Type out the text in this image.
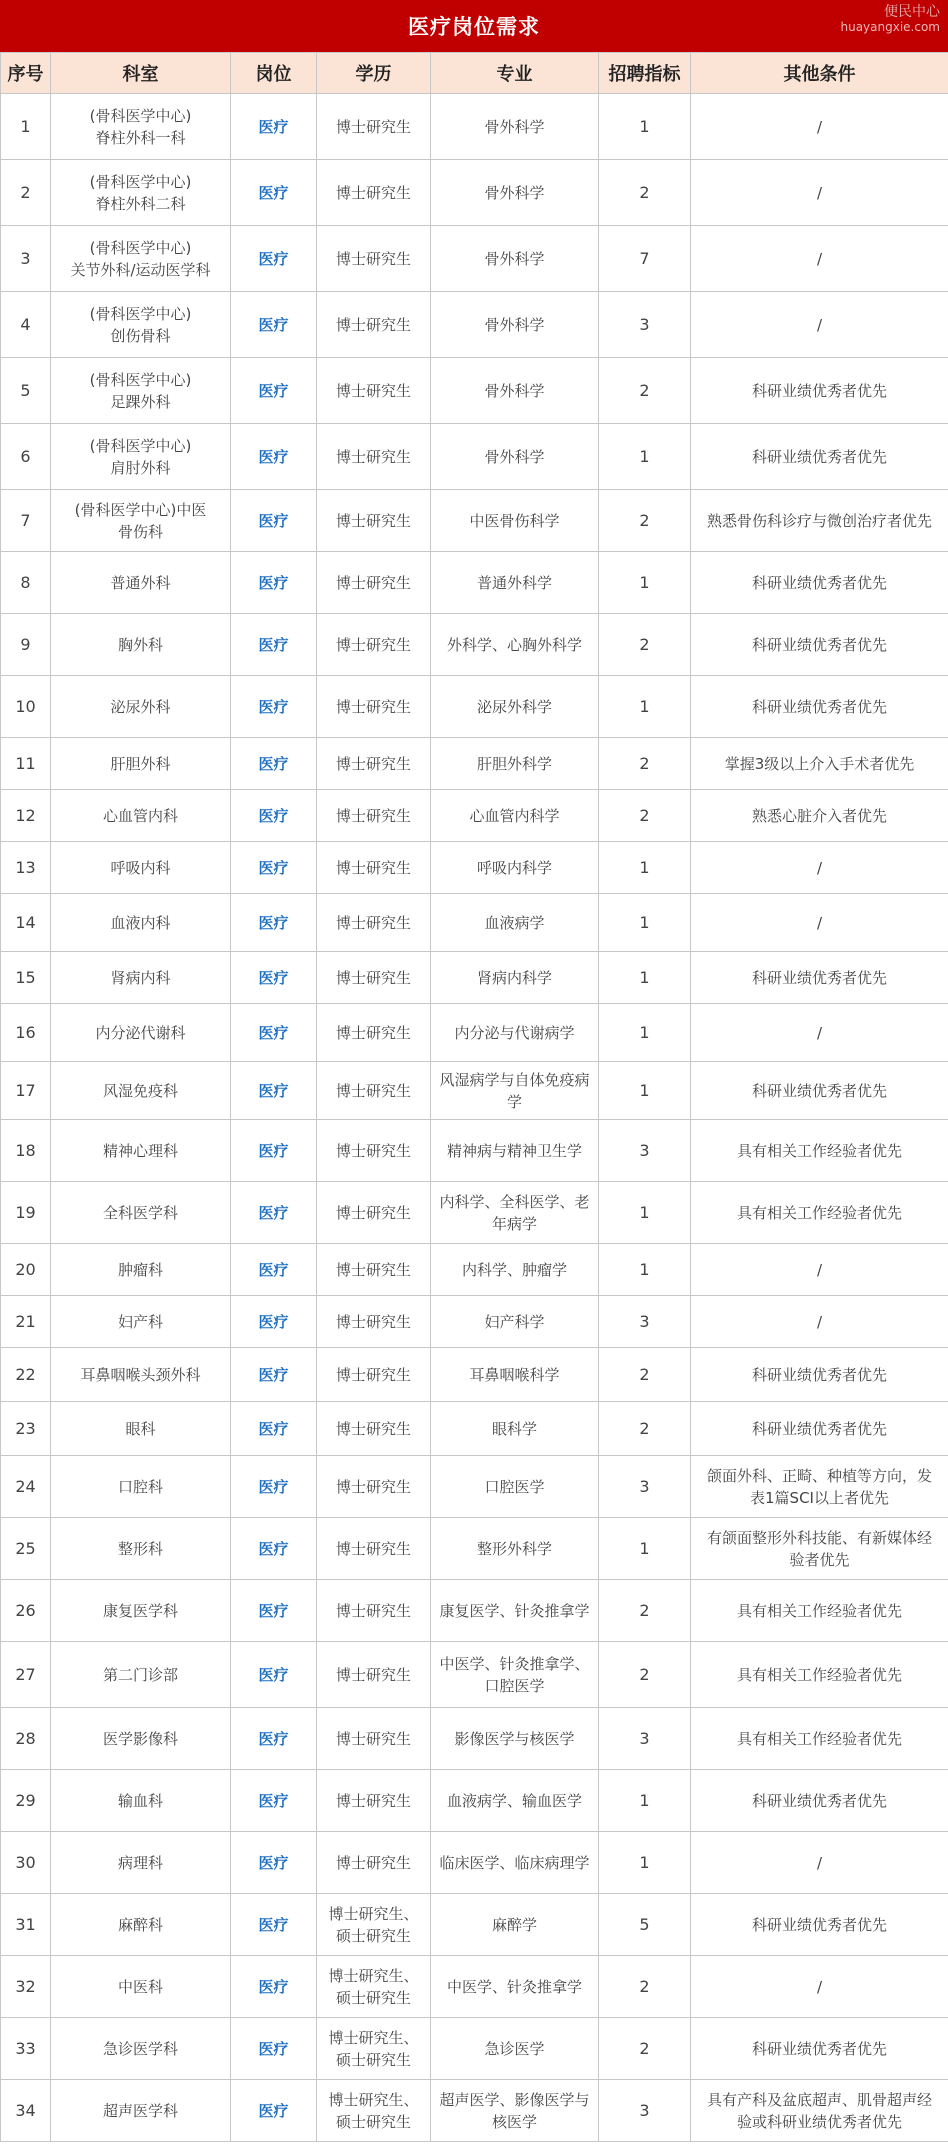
医疗岗位需求
便民中心
huayangxie.com
序号	科室	岗位	学历	专业	招聘指标	其他条件
1	(骨科医学中心)
脊柱外科一科	医疗	博士研究生	骨外科学	1	/
2	(骨科医学中心)
脊柱外科二科	医疗	博士研究生	骨外科学	2	/
3	(骨科医学中心)
关节外科/运动医学科	医疗	博士研究生	骨外科学	7	/
4	(骨科医学中心)
创伤骨科	医疗	博士研究生	骨外科学	3	/
5	(骨科医学中心)
足踝外科	医疗	博士研究生	骨外科学	2	科研业绩优秀者优先
6	(骨科医学中心)
肩肘外科	医疗	博士研究生	骨外科学	1	科研业绩优秀者优先
7	(骨科医学中心)中医
骨伤科	医疗	博士研究生	中医骨伤科学	2	熟悉骨伤科诊疗与微创治疗者优先
8	普通外科	医疗	博士研究生	普通外科学	1	科研业绩优秀者优先
9	胸外科	医疗	博士研究生	外科学、心胸外科学	2	科研业绩优秀者优先
10	泌尿外科	医疗	博士研究生	泌尿外科学	1	科研业绩优秀者优先
11	肝胆外科	医疗	博士研究生	肝胆外科学	2	掌握3级以上介入手术者优先
12	心血管内科	医疗	博士研究生	心血管内科学	2	熟悉心脏介入者优先
13	呼吸内科	医疗	博士研究生	呼吸内科学	1	/
14	血液内科	医疗	博士研究生	血液病学	1	/
15	肾病内科	医疗	博士研究生	肾病内科学	1	科研业绩优秀者优先
16	内分泌代谢科	医疗	博士研究生	内分泌与代谢病学	1	/
17	风湿免疫科	医疗	博士研究生	风湿病学与自体免疫病
学	1	科研业绩优秀者优先
18	精神心理科	医疗	博士研究生	精神病与精神卫生学	3	具有相关工作经验者优先
19	全科医学科	医疗	博士研究生	内科学、全科医学、老
年病学	1	具有相关工作经验者优先
20	肿瘤科	医疗	博士研究生	内科学、肿瘤学	1	/
21	妇产科	医疗	博士研究生	妇产科学	3	/
22	耳鼻咽喉头颈外科	医疗	博士研究生	耳鼻咽喉科学	2	科研业绩优秀者优先
23	眼科	医疗	博士研究生	眼科学	2	科研业绩优秀者优先
24	口腔科	医疗	博士研究生	口腔医学	3	颌面外科、正畸、种植等方向，发
表1篇SCI以上者优先
25	整形科	医疗	博士研究生	整形外科学	1	有颌面整形外科技能、有新媒体经
验者优先
26	康复医学科	医疗	博士研究生	康复医学、针灸推拿学	2	具有相关工作经验者优先
27	第二门诊部	医疗	博士研究生	中医学、针灸推拿学、
口腔医学	2	具有相关工作经验者优先
28	医学影像科	医疗	博士研究生	影像医学与核医学	3	具有相关工作经验者优先
29	输血科	医疗	博士研究生	血液病学、输血医学	1	科研业绩优秀者优先
30	病理科	医疗	博士研究生	临床医学、临床病理学	1	/
31	麻醉科	医疗	博士研究生、
硕士研究生	麻醉学	5	科研业绩优秀者优先
32	中医科	医疗	博士研究生、
硕士研究生	中医学、针灸推拿学	2	/
33	急诊医学科	医疗	博士研究生、
硕士研究生	急诊医学	2	科研业绩优秀者优先
34	超声医学科	医疗	博士研究生、
硕士研究生	超声医学、影像医学与
核医学	3	具有产科及盆底超声、肌骨超声经
验或科研业绩优秀者优先
